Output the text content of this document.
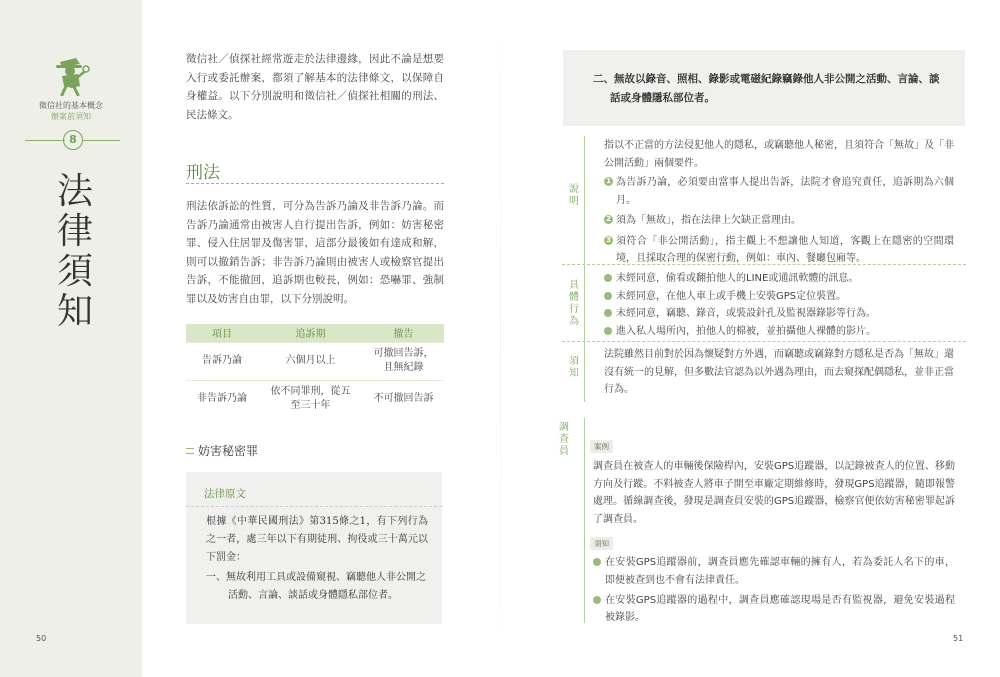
徵信社的基本概念
辦案前須知
8
法
律
須
知
50
徵信社／偵探社經常遊走於法律邊緣，因此不論是想要入行或委託辦案，都須了解基本的法律條文，以保障自身權益。以下分別說明和徵信社／偵探社相關的刑法、民法條文。
刑法
刑法依訴訟的性質，可分為告訴乃論及非告訴乃論。而告訴乃論通常由被害人自行提出告訴，例如：妨害秘密罪、侵入住居罪及傷害罪，這部分最後如有達成和解，則可以撤銷告訴；非告訴乃論則由被害人或檢察官提出告訴，不能撤回，追訴期也較長，例如：恐嚇罪、強制罪以及妨害自由罪，以下分別說明。
項目	追訴期	撤告
告訴乃論	六個月以上	可撤回告訴，且無紀錄
非告訴乃論	依不同罪刑，從五至三十年	不可撤回告訴
妨害秘密罪
法律原文
根據《中華民國刑法》第315條之1，有下列行為之一者，處三年以下有期徒刑、拘役或三十萬元以下罰金：
一、無故利用工具或設備窺視、竊聽他人非公開之活動、言論、談話或身體隱私部位者。
51
二、無故以錄音、照相、錄影或電磁紀錄竊錄他人非公開之活動、言論、談話或身體隱私部位者。
說明
指以不正當的方法侵犯他人的隱私，或竊聽他人秘密，且須符合「無故」及「非公開活動」兩個要件。
1 為告訴乃論，必須要由當事人提出告訴，法院才會追究責任，追訴期為六個月。
2 須為「無故」，指在法律上欠缺正當理由。
3 須符合「非公開活動」，指主觀上不想讓他人知道，客觀上在隱密的空間環境，且採取合理的保密行動，例如：車內、餐廳包廂等。
具體行為
未經同意，偷看或翻拍他人的LINE或通訊軟體的訊息。
未經同意，在他人車上或手機上安裝GPS定位裝置。
未經同意，竊聽、錄音，或裝設針孔及監視器錄影等行為。
進入私人場所內，拍他人的棉被，並拍攝他人裸體的影片。
須知
法院雖然目前對於因為懷疑對方外遇，而竊聽或竊錄對方隱私是否為「無故」還沒有統一的見解，但多數法官認為以外遇為理由，而去窺探配偶隱私，並非正當行為。
調查員	案例
調查員在被查人的車輛後保險桿內，安裝GPS追蹤器，以記錄被查人的位置、移動方向及行蹤。不料被查人將車子開至車廠定期維修時，發現GPS追蹤器，隨即報警處理。循線調查後，發現是調查員安裝的GPS追蹤器，檢察官便依妨害秘密罪起訴了調查員。
須知
在安裝GPS追蹤器前，調查員應先確認車輛的擁有人，若為委託人名下的車，即便被查到也不會有法律責任。
在安裝GPS追蹤器的過程中，調查員應確認現場是否有監視器，避免安裝過程被錄影。
